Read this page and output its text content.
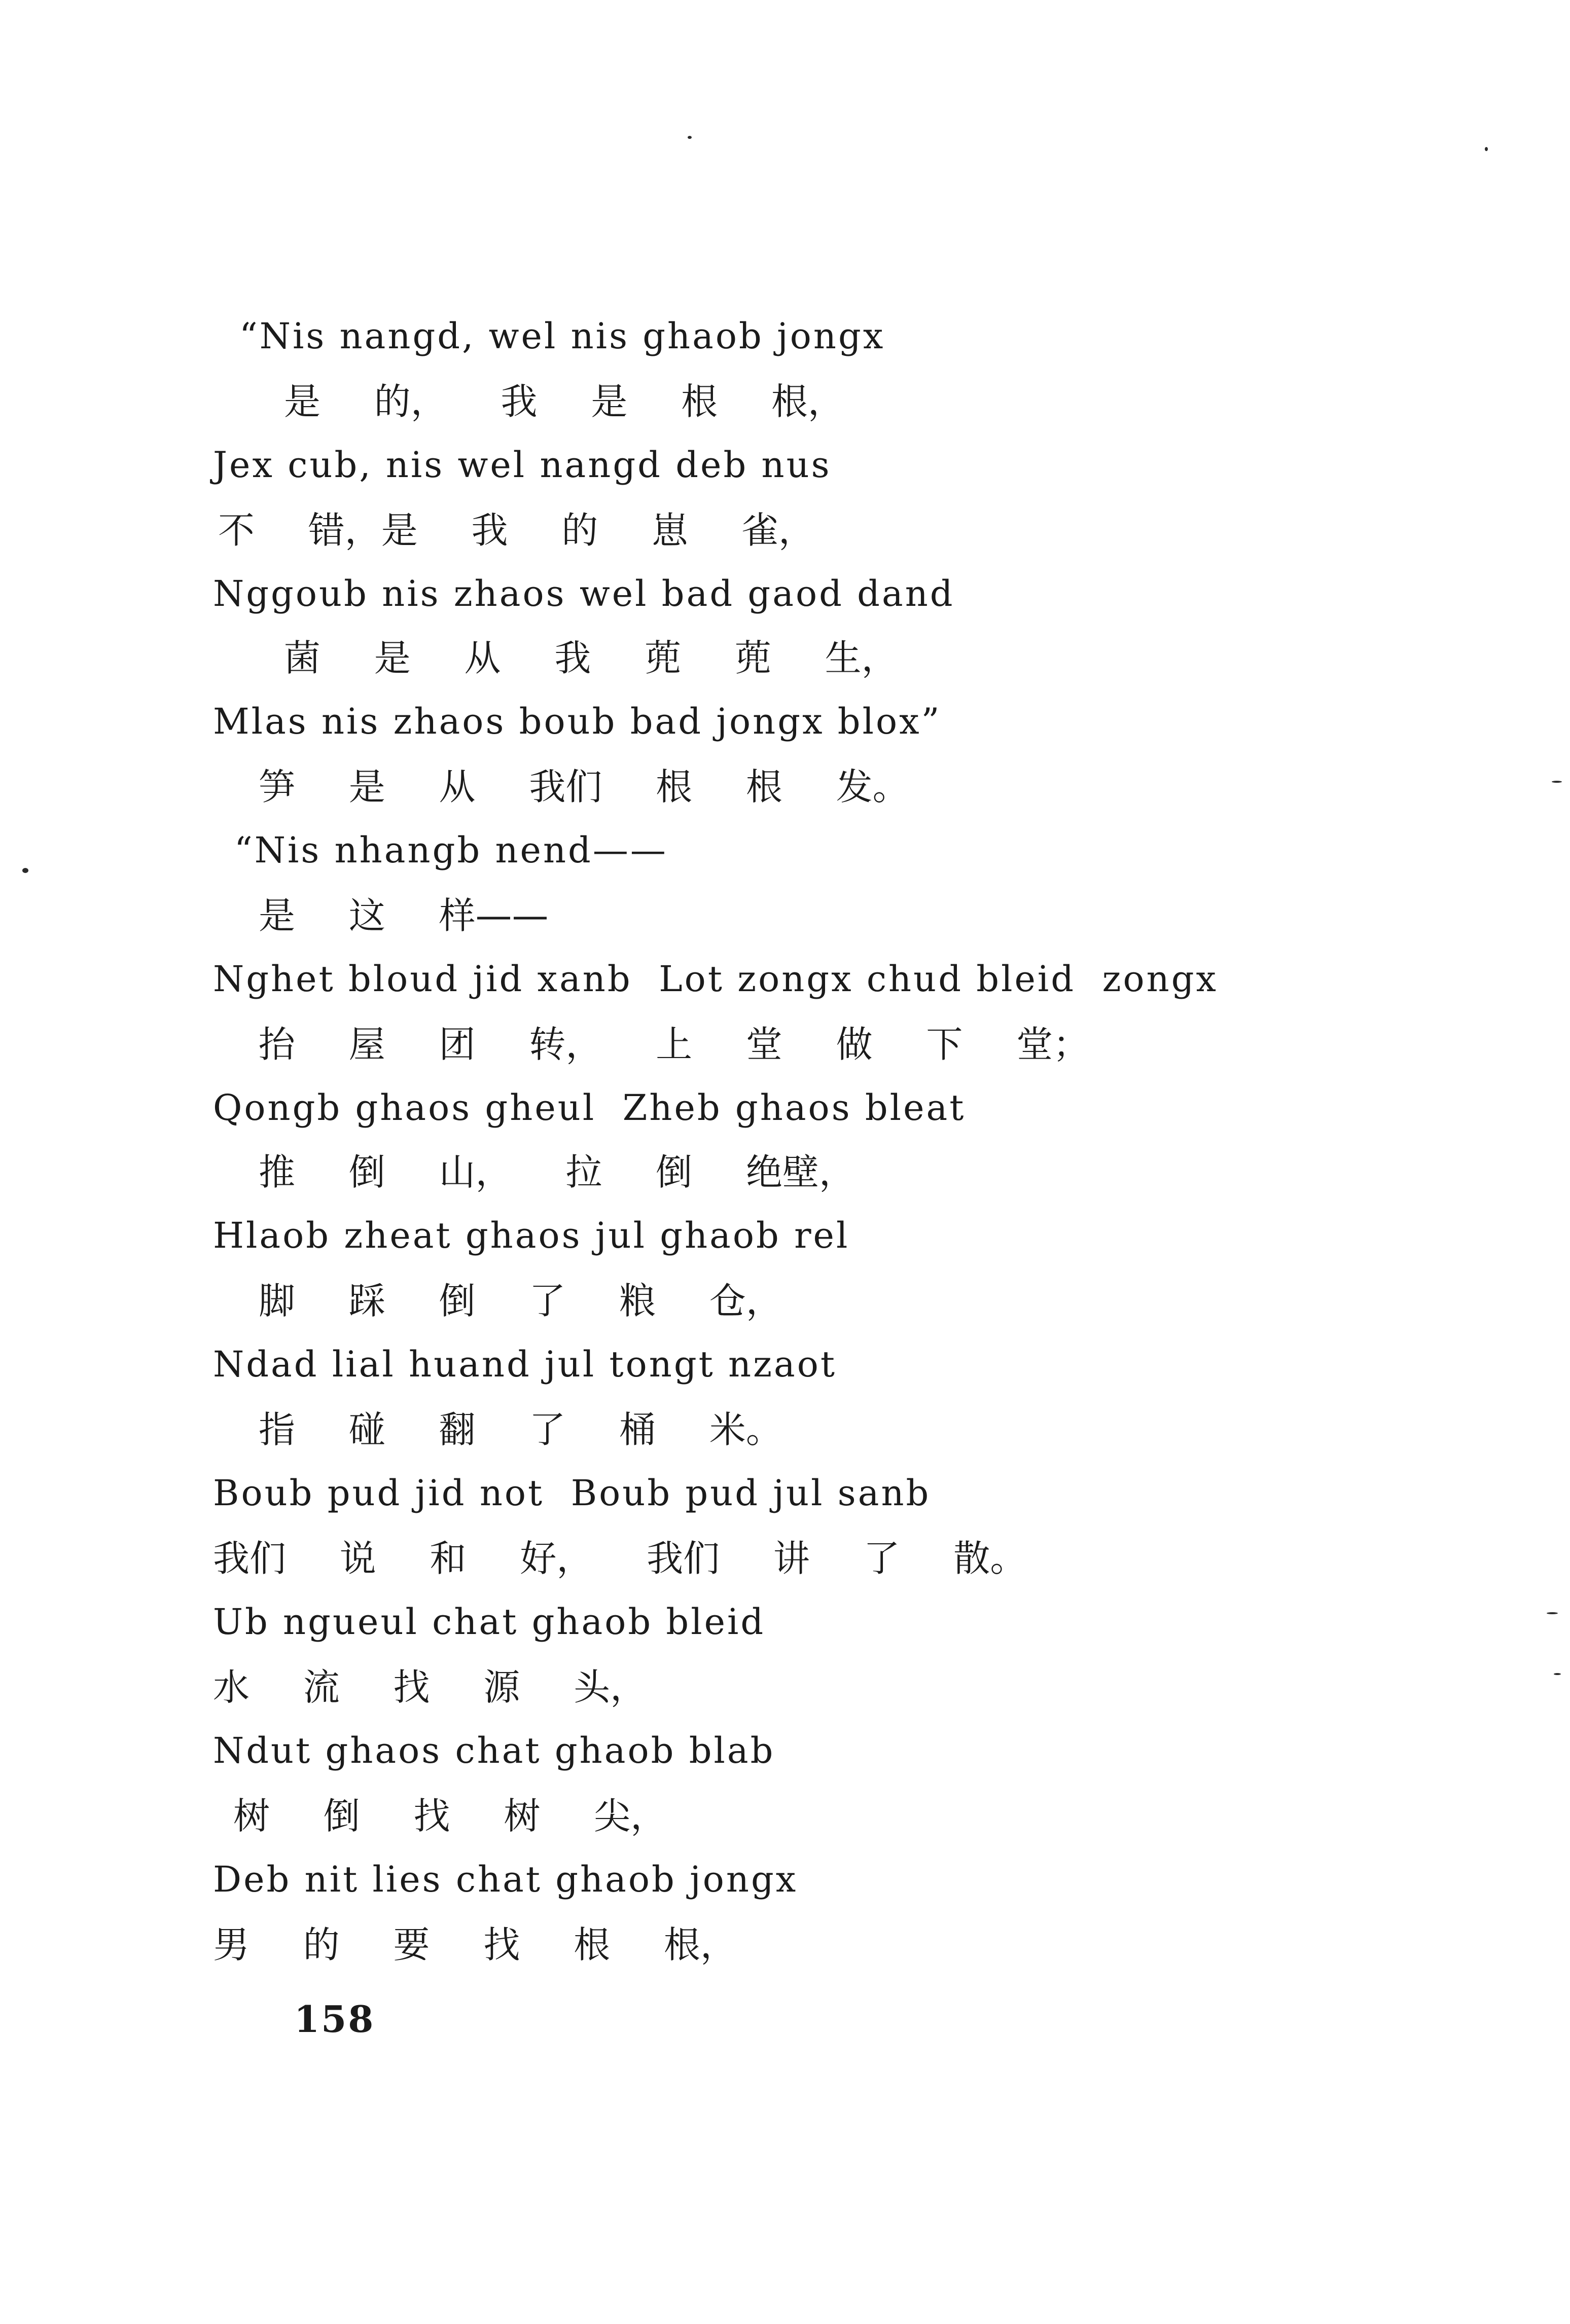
“Nis nangd, wel nis ghaob jongx
是  的，  我  是  根  根，
Jex cub, nis wel nangd deb nus
不  错，是  我  的  崽  雀，
Nggoub nis zhaos wel bad gaod dand
菌  是  从  我  蔸  蔸  生，
Mlas nis zhaos boub bad jongx blox”
笋  是  从  我们  根  根  发。
“Nis nhangb nend——
是  这  样——
Nghet bloud jid xanb  Lot zongx chud bleid  zongx
抬  屋  团  转，  上  堂  做  下  堂；
Qongb ghaos gheul  Zheb ghaos bleat
推  倒  山，  拉  倒  绝壁，
Hlaob zheat ghaos jul ghaob rel
脚  踩  倒  了  粮  仓，
Ndad lial huand jul tongt nzaot
指  碰  翻  了  桶  米。
Boub pud jid not  Boub pud jul sanb
我们  说  和  好，  我们  讲  了  散。
Ub ngueul chat ghaob bleid
水  流  找  源  头，
Ndut ghaos chat ghaob blab
树  倒  找  树  尖，
Deb nit lies chat ghaob jongx
男  的  要  找  根  根，
158
